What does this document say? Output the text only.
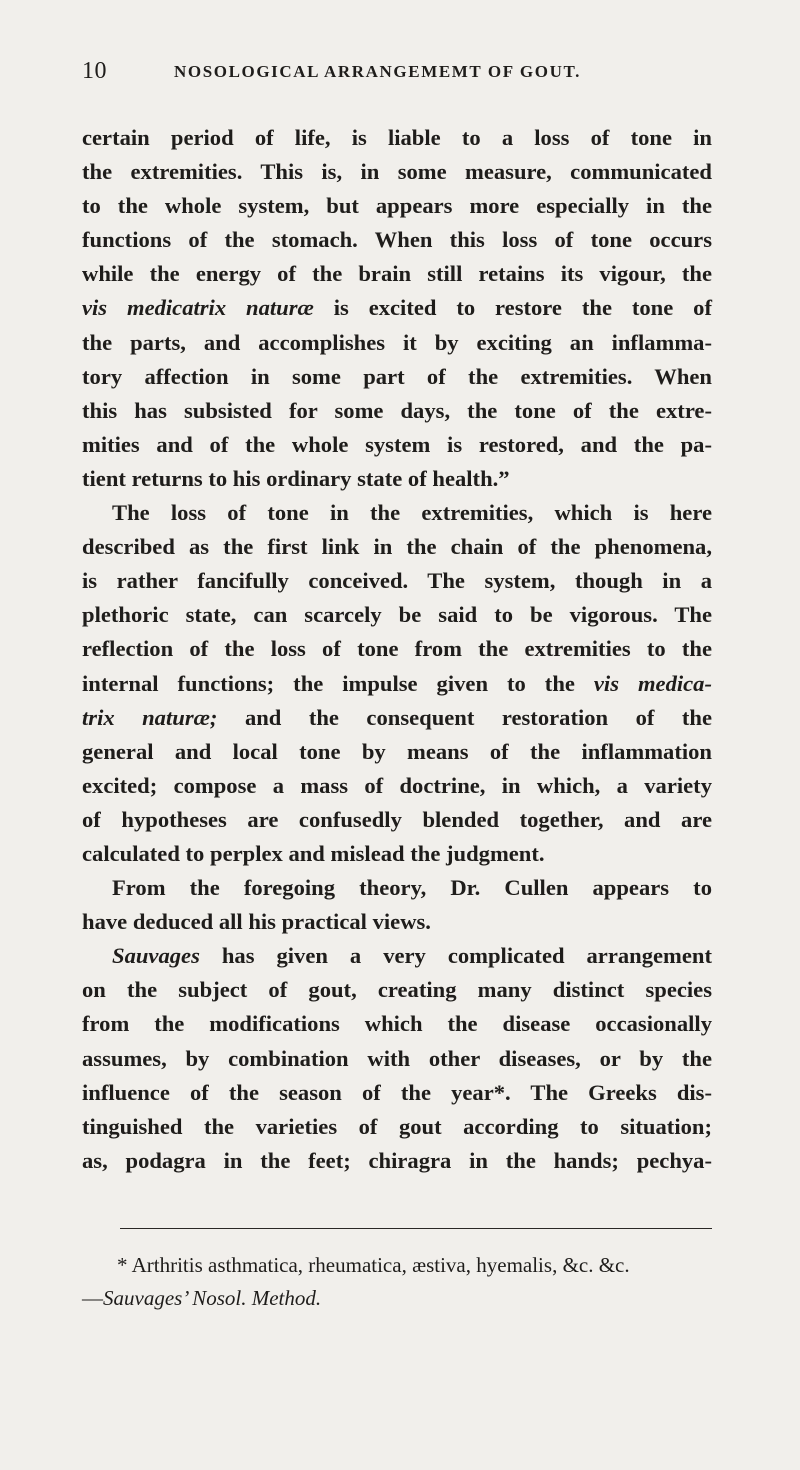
10	NOSOLOGICAL ARRANGEMEMT OF GOUT.
certain period of life, is liable to a loss of tone in
the extremities. This is, in some measure, communicated
to the whole system, but appears more especially in the
functions of the stomach. When this loss of tone occurs
while the energy of the brain still retains its vigour, the
vis medicatrix naturæ is excited to restore the tone of
the parts, and accomplishes it by exciting an inflamma-
tory affection in some part of the extremities. When
this has subsisted for some days, the tone of the extre-
mities and of the whole system is restored, and the pa-
tient returns to his ordinary state of health.”
The loss of tone in the extremities, which is here
described as the first link in the chain of the phenomena,
is rather fancifully conceived. The system, though in a
plethoric state, can scarcely be said to be vigorous. The
reflection of the loss of tone from the extremities to the
internal functions; the impulse given to the vis medica-
trix naturæ; and the consequent restoration of the
general and local tone by means of the inflammation
excited; compose a mass of doctrine, in which, a variety
of hypotheses are confusedly blended together, and are
calculated to perplex and mislead the judgment.
From the foregoing theory, Dr. Cullen appears to
have deduced all his practical views.
Sauvages has given a very complicated arrangement
on the subject of gout, creating many distinct species
from the modifications which the disease occasionally
assumes, by combination with other diseases, or by the
influence of the season of the year*. The Greeks dis-
tinguished the varieties of gout according to situation;
as, podagra in the feet; chiragra in the hands; pechya-
* Arthritis asthmatica, rheumatica, æstiva, hyemalis, &c. &c.
—Sauvages’ Nosol. Method.
